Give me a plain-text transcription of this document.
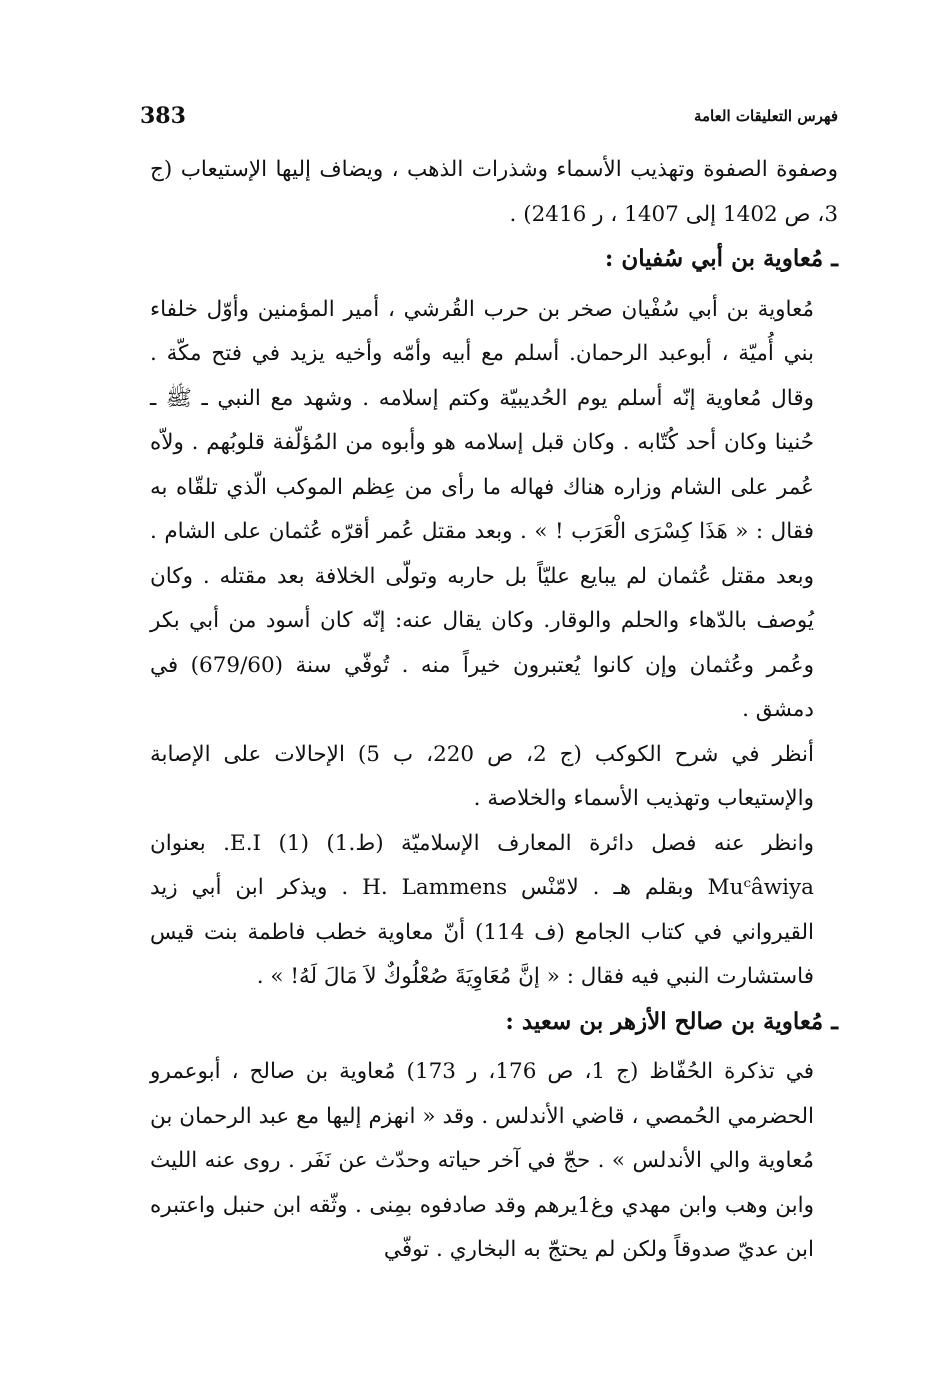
383	فهرس التعليقات العامة

وصفوة الصفوة وتهذيب الأسماء وشذرات الذهب ، ويضاف إليها الإستيعاب (ج 3، ص 1402 إلى 1407 ، ر 2416) .

ـ مُعاوية بن أبي سُفيان :

مُعاوية بن أبي سُفْيان صخر بن حرب القُرشي ، أمير المؤمنين وأوّل خلفاء بني أُميّة ، أبوعبد الرحمان. أسلم مع أبيه وأمّه وأخيه يزيد في فتح مكّة . وقال مُعاوية إنّه أسلم يوم الحُديبيّة وكتم إسلامه . وشهد مع النبي ـ ﷺ ـ حُنينا وكان أحد كُتّابه . وكان قبل إسلامه هو وأبوه من المُؤلّفة قلوبُهم . ولاّه عُمر على الشام وزاره هناك فهاله ما رأى من عِظم الموكب الّذي تلقّاه به فقال : « هَذَا كِسْرَى الْعَرَب ! » . وبعد مقتل عُمر أقرّه عُثمان على الشام . وبعد مقتل عُثمان لم يبايع عليّاً بل حاربه وتولّى الخلافة بعد مقتله . وكان يُوصف بالدّهاء والحلم والوقار. وكان يقال عنه: إنّه كان أسود من أبي بكر وعُمر وعُثمان وإن كانوا يُعتبرون خيراً منه . تُوفّي سنة (679/60) في دمشق .

أنظر في شرح الكوكب (ج 2، ص 220، ب 5) الإحالات على الإصابة والإستيعاب وتهذيب الأسماء والخلاصة .

وانظر عنه فصل دائرة المعارف الإسلاميّة (ط.1) (1) E.I. بعنوان Muᶜâwiya وبقلم هـ . لامّنْس H. Lammens . ويذكر ابن أبي زيد القيرواني في كتاب الجامع (ف 114) أنّ معاوية خطب فاطمة بنت قيس فاستشارت النبي فيه فقال : « إنَّ مُعَاوِيَةَ صُعْلُوكٌ لاَ مَالَ لَهُ! » .

ـ مُعاوية بن صالح الأزهر بن سعيد :

في تذكرة الحُفّاظ (ج 1، ص 176، ر 173) مُعاوية بن صالح ، أبوعمرو الحضرمي الحُمصي ، قاضي الأندلس . وقد « انهزم إليها مع عبد الرحمان بن مُعاوية والي الأندلس » . حجّ في آخر حياته وحدّث عن نَفَر . روى عنه الليث وابن وهب وابن مهدي وغ1يرهم وقد صادفوه بمِنى . وثّقه ابن حنبل واعتبره ابن عديّ صدوقاً ولكن لم يحتجّ به البخاري . توفّي
